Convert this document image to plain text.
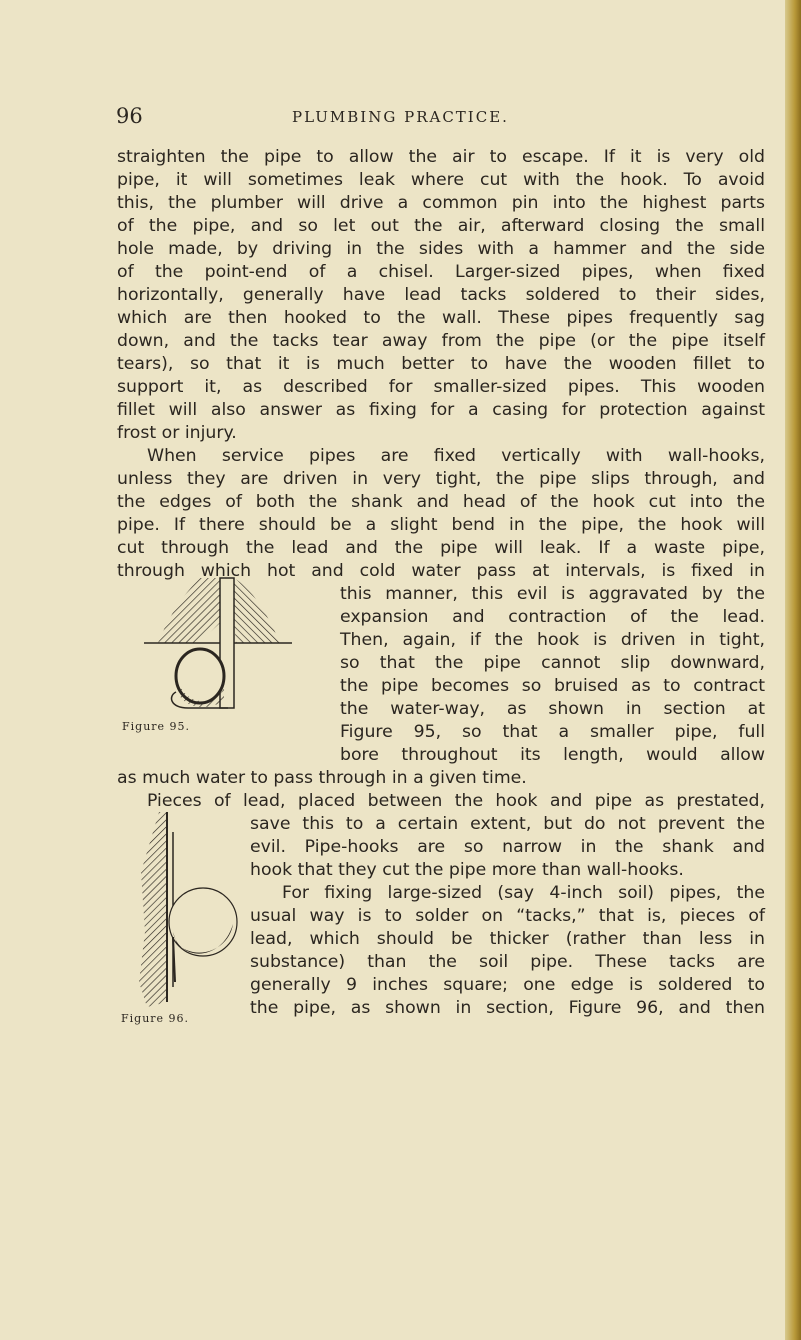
96	PLUMBING PRACTICE.
straighten the pipe to allow the air to escape. If it is very old
pipe, it will sometimes leak where cut with the hook. To avoid
this, the plumber will drive a common pin into the highest parts
of the pipe, and so let out the air, afterward closing the small
hole made, by driving in the sides with a hammer and the side
of the point-end of a chisel. Larger-sized pipes, when fixed
horizontally, generally have lead tacks soldered to their sides,
which are then hooked to the wall. These pipes frequently sag
down, and the tacks tear away from the pipe (or the pipe itself
tears), so that it is much better to have the wooden fillet to
support it, as described for smaller-sized pipes. This wooden
fillet will also answer as fixing for a casing for protection against
frost or injury.
When service pipes are fixed vertically with wall-hooks,
unless they are driven in very tight, the pipe slips through, and
the edges of both the shank and head of the hook cut into the
pipe. If there should be a slight bend in the pipe, the hook will
cut through the lead and the pipe will leak. If a waste pipe,
through which hot and cold water pass at intervals, is fixed in
this manner, this evil is aggravated by the
expansion and contraction of the lead.
Then, again, if the hook is driven in tight,
so that the pipe cannot slip downward,
the pipe becomes so bruised as to contract
the water-way, as shown in section at
Figure 95, so that a smaller pipe, full
bore throughout its length, would allow
as much water to pass through in a given time.
Pieces of lead, placed between the hook and pipe as prestated,
save this to a certain extent, but do not prevent the
evil. Pipe-hooks are so narrow in the shank and
hook that they cut the pipe more than wall-hooks.
For fixing large-sized (say 4-inch soil) pipes, the
usual way is to solder on “tacks,” that is, pieces of
lead, which should be thicker (rather than less in
substance) than the soil pipe. These tacks are
generally 9 inches square; one edge is soldered to
the pipe, as shown in section, Figure 96, and then
Figure 95.
Figure 96.
